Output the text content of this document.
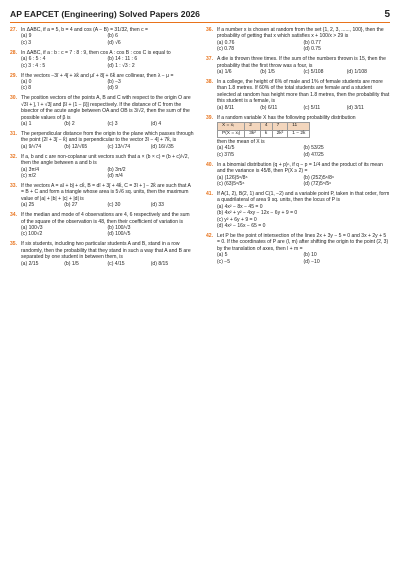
AP EAPCET (Engineering) Solved Papers 2026	5
27. In ΔABC, if a = 5, b = 4 and cos (A − B) = 31/32, then c =
(a) 9	(b) 6
(c) 3	(d) √6
28. In ΔABC, if a : b : c = 7 : 8 : 9, then cos A : cos B : cos C is equal to
(a) 6 : 5 : 4	(b) 14 : 11 : 6
(c) 3 : 4 : 5	(d) 1 : √3 : 2
29. If the vectors −3î + 4ĵ + λk̂ and μî + 8ĵ + 6k̂ are collinear, then λ − μ =
(a) 0	(b) −3
(c) 8	(d) 9
30. The position vectors of the points A, B and C with respect to the origin O are √3î + ĵ, î + √3ĵ and βî + (1 − β)ĵ respectively. If the distance of C from the bisector of the acute angle between OA and OB is 3/√2, then the sum of the possible values of β is
(a) 1	(b) 2	(c) 3	(d) 4
31. The perpendicular distance from the origin to the plane which passes through the point (2î + 3ĵ − k̂) and is perpendicular to the vector 3î − 4ĵ + 7k̂, is
(a) 9/√74	(b) 12/√65	(c) 13/√74	(d) 16/√35
32. If a, b and c are non-coplanar unit vectors such that a × (b × c) = (b + c)/√2, then the angle between a and b is
(a) 3π/4	(b) 3π/2
(c) π/2	(d) π/4
33. If the vectors A = aî + bĵ + ck̂, B = dî + 3ĵ + 4k̂, C = 3î + ĵ − 2k̂ are such that A = B + C and form a triangle whose area is 5√6 sq. units, then the maximum value of |a| + |b| + |c| + |d| is
(a) 25	(b) 27	(c) 30	(d) 33
34. If the median and mode of 4 observations are 4, 6 respectively and the sum of the square of the observation is 48, then their coefficient of variation is
(a) 100√3	(b) 100/√3
(c) 100√2	(d) 100/√5
35. If six students, including two particular students A and B, stand in a row randomly, then the probability that they stand in such a way that A and B are separated by one student in between them, is
(a) 2/15	(b) 1/5	(c) 4/15	(d) 8/15
36. If a number x is chosen at random from the set {1, 2, 3, ......, 100}, then the probability of getting that x which satisfies x + 100/x > 29 is
(a) 0.76	(b) 0.77
(c) 0.78	(d) 0.75
37. A die is thrown three times. If the sum of the numbers thrown is 15, then the probability that the first throw was a four, is
(a) 1/6	(b) 1/5	(c) 5/108	(d) 1/108
38. In a college, the height of 6% of male and 1% of female students are more than 1.8 metres. If 60% of the total students are female and a student selected at random has height more than 1.8 metres, then the probability that this student is a female, is
(a) 8/11	(b) 6/11	(c) 5/11	(d) 3/11
39. If a random variable X has the following probability distribution
X = xᵢ	2	4	7	11
P(X = xᵢ)	3k²	k	2k²	1 − 2k
then the mean of X is
(a) 41/5	(b) 53/25
(c) 37/5	(d) 47/25
40. In a binomial distribution (q + p)ⁿ, if q − p = 1/4 and the product of its mean and the variance is 45/8, then P(X ≥ 2) =
(a) (126)5⁶/8⁶	(b) (252)5⁶/8⁶
(c) (63)5⁶/5⁶	(d) (72)5⁵/5⁶
41. If A(1, 2), B(2, 1) and C(1, −2) and a variable point P, taken in that order, form a quadrilateral of area 9 sq. units, then the locus of P is
(a) 4x² − 8x − 45 = 0
(b) 4x² + y² − 4xy − 12x − 6y + 9 = 0
(c) y² + 6y + 9 = 0
(d) 4x² − 16x − 65 = 0
42. Let P be the point of intersection of the lines 2x + 3y − 5 = 0 and 3x + 2y + 5 = 0. If the coordinates of P are (l, m) after shifting the origin to the point (2, 3) by the translation of axes, then l + m =
(a) 5	(b) 10
(c) −5	(d) −10
